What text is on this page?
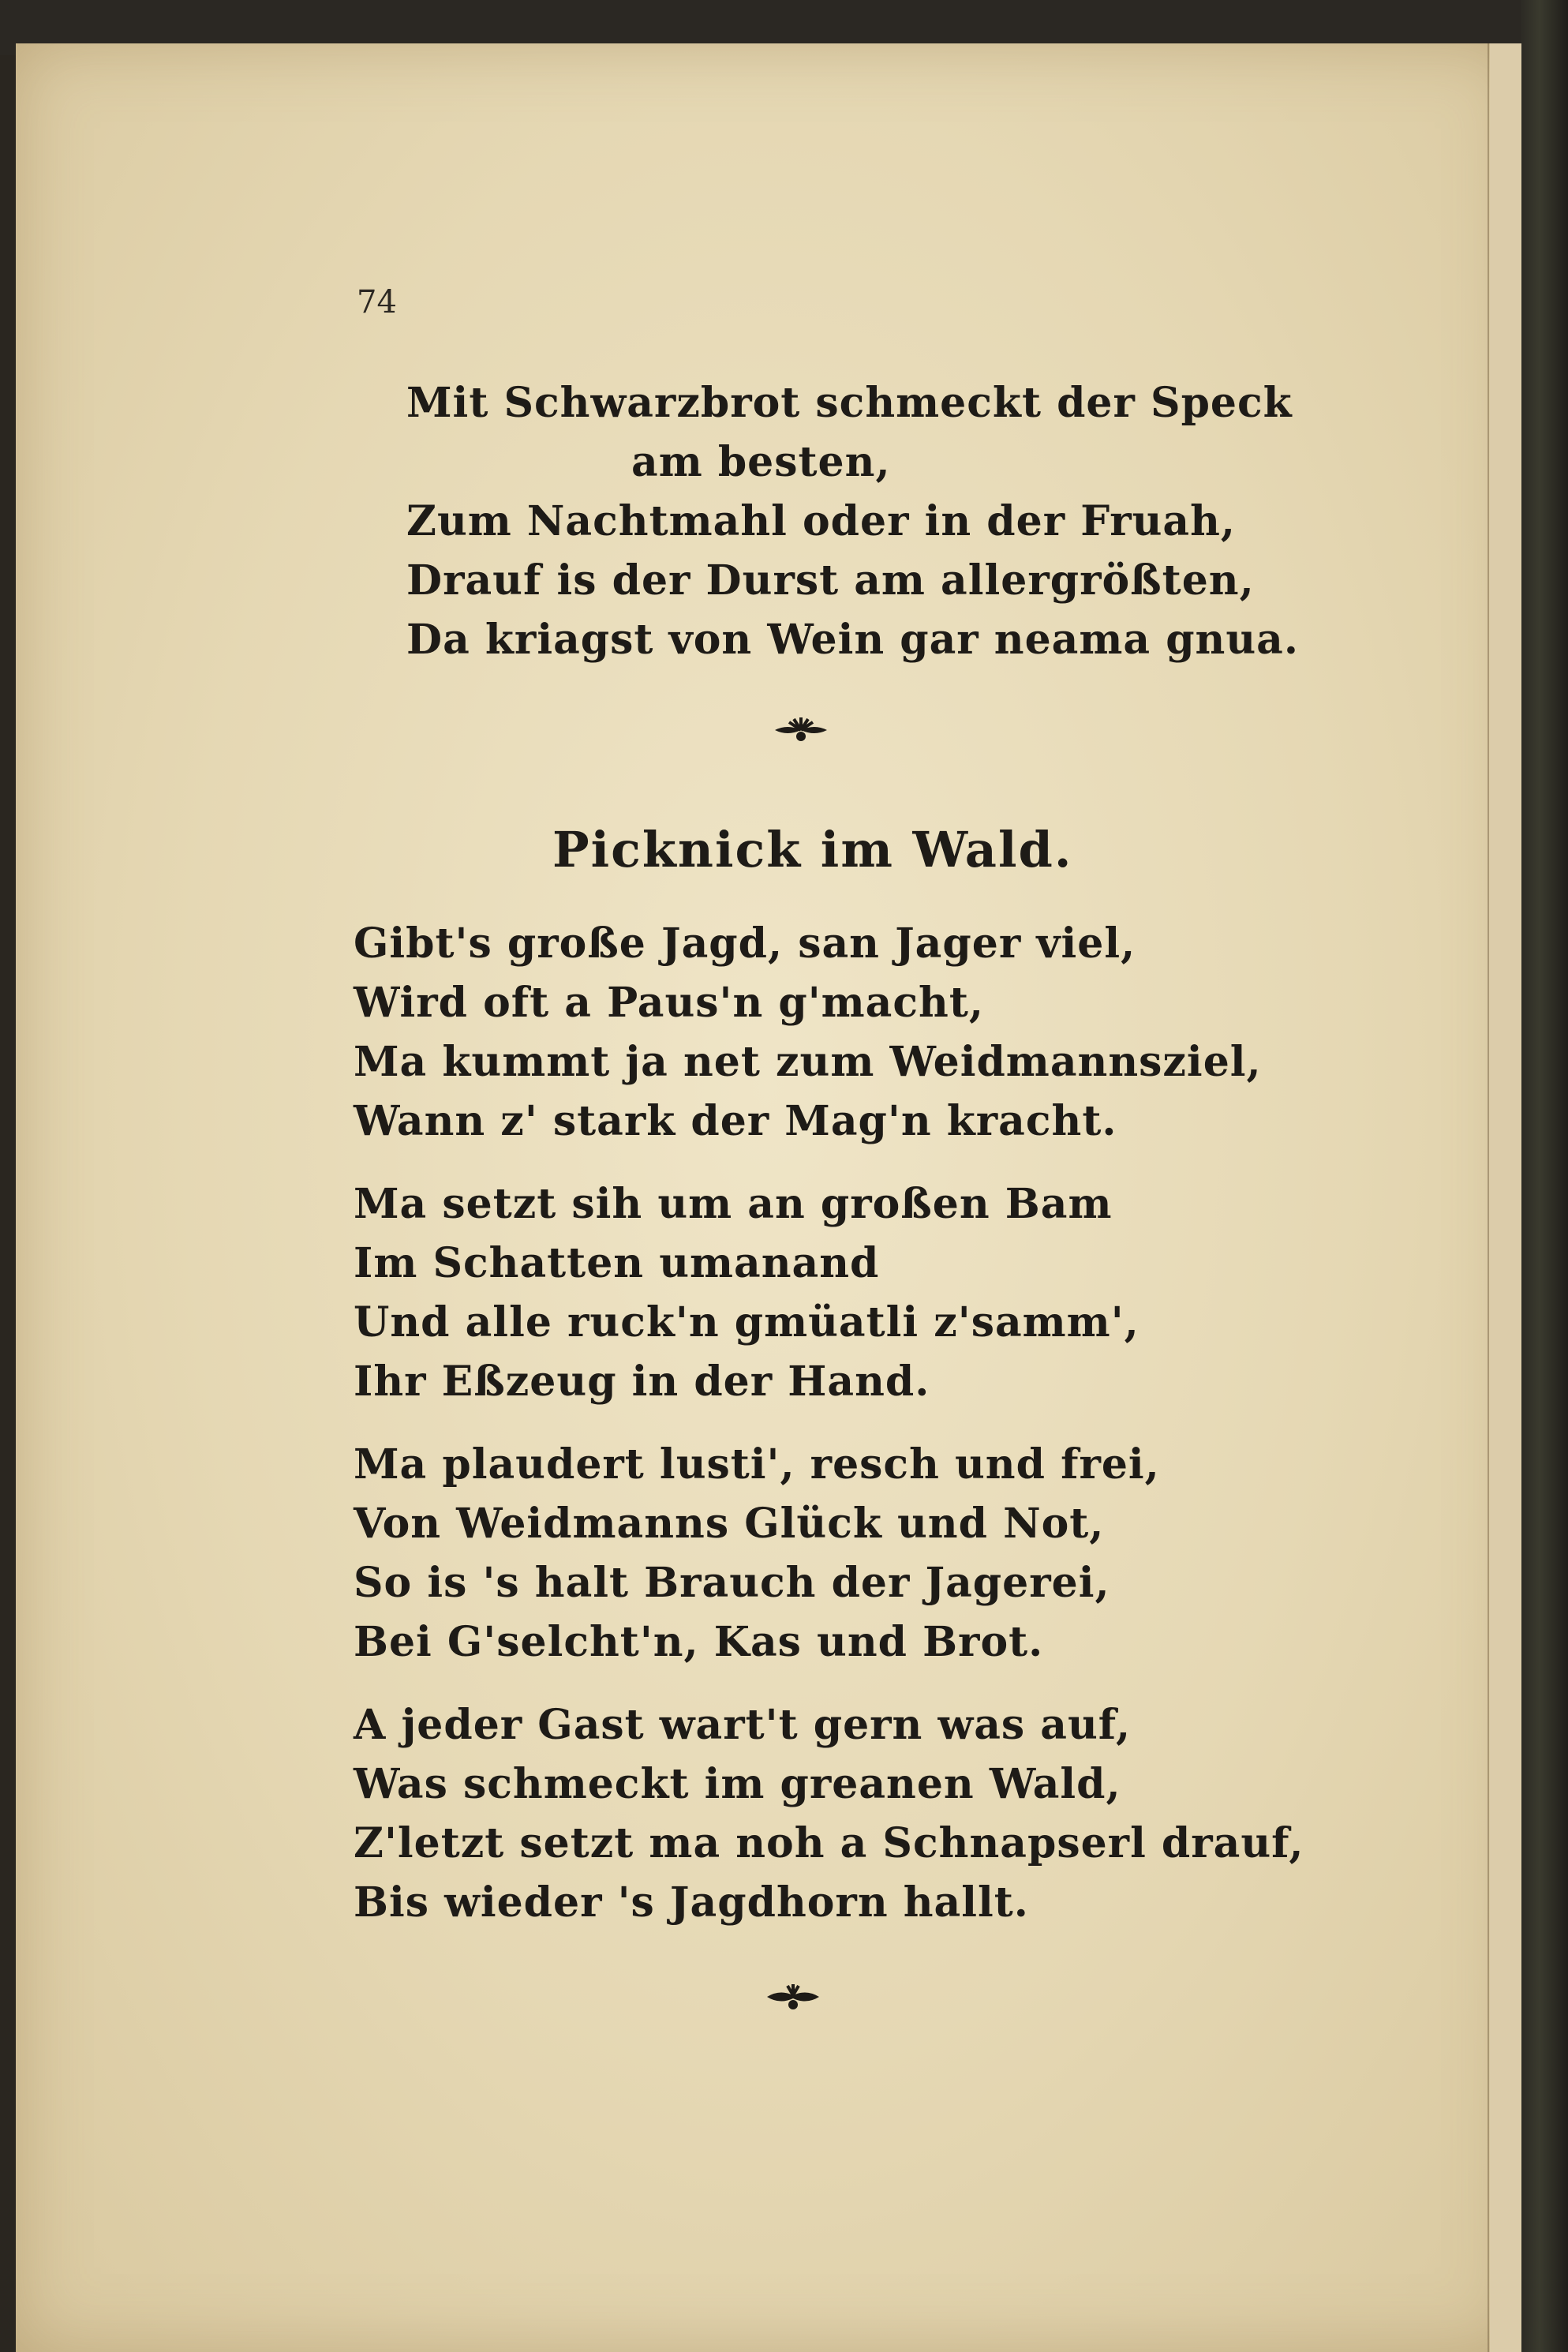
74
Mit Schwarzbrot schmeckt der Speck
am besten,
Zum Nachtmahl oder in der Fruah,
Drauf is der Durst am allergrößten,
Da kriagst von Wein gar neama gnua.
Picknick im Wald.
Gibt's große Jagd, san Jager viel,
Wird oft a Paus'n g'macht,
Ma kummt ja net zum Weidmannsziel,
Wann z' stark der Mag'n kracht.
Ma setzt sih um an großen Bam
Im Schatten umanand
Und alle ruck'n gmüatli z'samm',
Ihr Eßzeug in der Hand.
Ma plaudert lusti', resch und frei,
Von Weidmanns Glück und Not,
So is 's halt Brauch der Jagerei,
Bei G'selcht'n, Kas und Brot.
A jeder Gast wart't gern was auf,
Was schmeckt im greanen Wald,
Z'letzt setzt ma noh a Schnapserl drauf,
Bis wieder 's Jagdhorn hallt.
